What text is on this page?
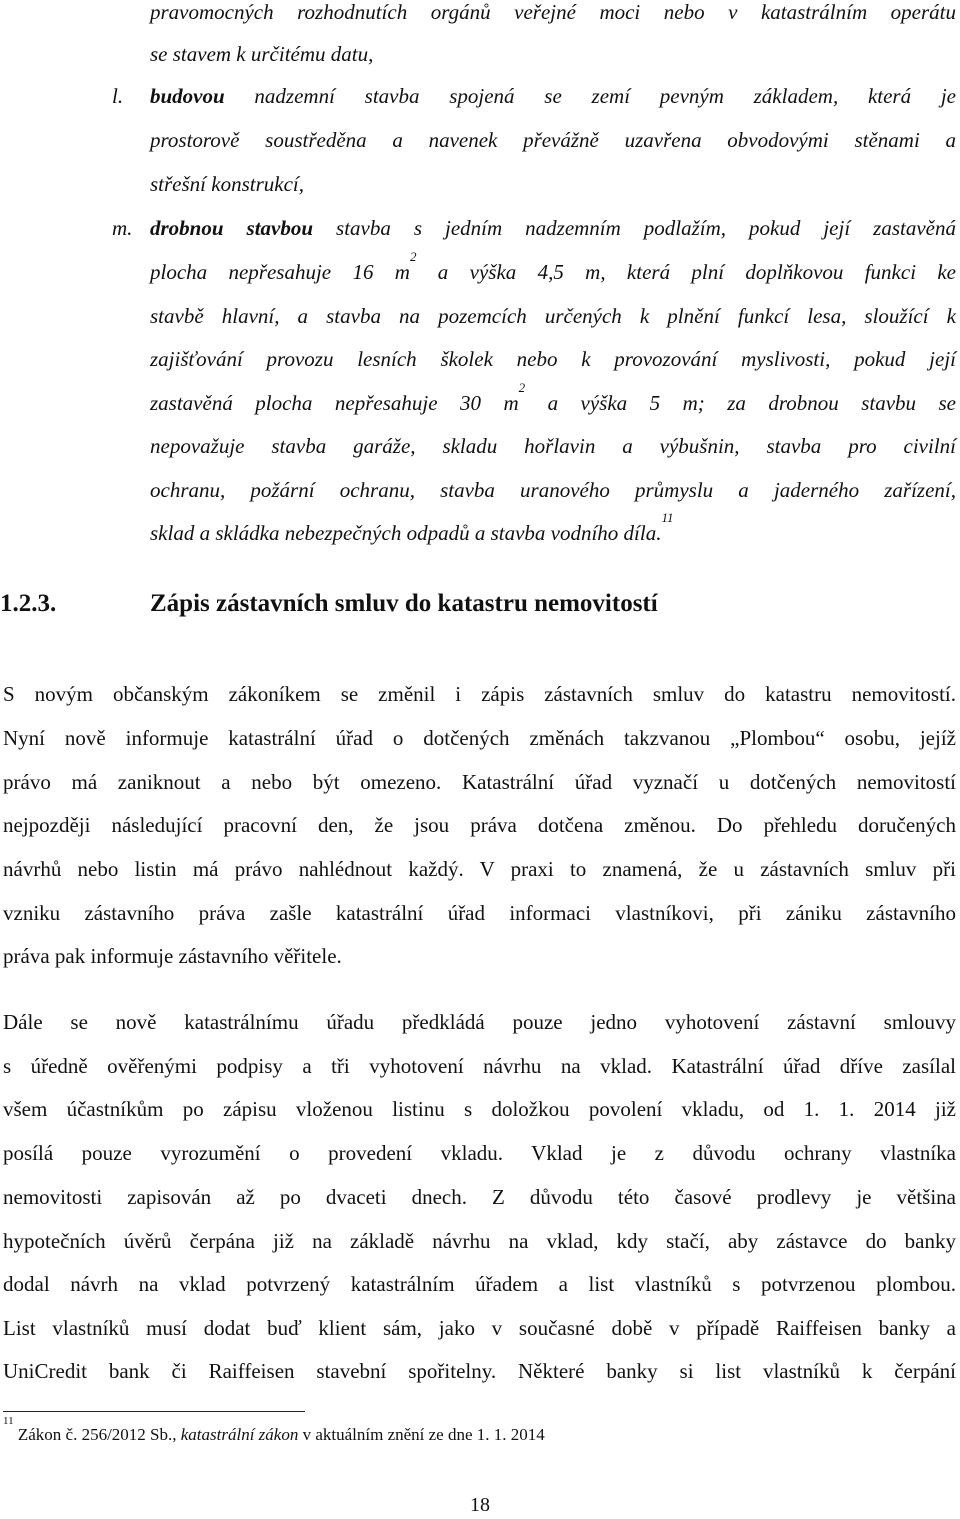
pravomocných rozhodnutích orgánů veřejné moci nebo v katastrálním operátu
se stavem k určitému datu,
l. budovou nadzemní stavba spojená se zemí pevným základem, která je
prostorově soustředěna a navenek převážně uzavřena obvodovými stěnami a
střešní konstrukcí,
m. drobnou stavbou stavba s jedním nadzemním podlažím, pokud její zastavěná
plocha nepřesahuje 16 $m^2$ a výška 4,5 m, která plní doplňkovou funkci ke
stavbě hlavní, a stavba na pozemcích určených k plnění funkcí lesa, sloužící k
zajišťování provozu lesních školek nebo k provozování myslivosti, pokud její
zastavěná plocha nepřesahuje 30 $m^2$ a výška 5 m; za drobnou stavbu se
nepovažuje stavba garáže, skladu hořlavin a výbušnin, stavba pro civilní
ochranu, požární ochranu, stavba uranového průmyslu a jaderného zařízení,
sklad a skládka nebezpečných odpadů a stavba vodního díla.$^{11}$
1.2.3.	Zápis zástavních smluv do katastru nemovitostí
S novým občanským zákoníkem se změnil i zápis zástavních smluv do katastru nemovitostí.
Nyní nově informuje katastrální úřad o dotčených změnách takzvanou „Plombou“ osobu, jejíž
právo má zaniknout a nebo být omezeno. Katastrální úřad vyznačí u dotčených nemovitostí
nejpozději následující pracovní den, že jsou práva dotčena změnou. Do přehledu doručených
návrhů nebo listin má právo nahlédnout každý. V praxi to znamená, že u zástavních smluv při
vzniku zástavního práva zašle katastrální úřad informaci vlastníkovi, při zániku zástavního
práva pak informuje zástavního věřitele.
Dále se nově katastrálnímu úřadu předkládá pouze jedno vyhotovení zástavní smlouvy
s úředně ověřenými podpisy a tři vyhotovení návrhu na vklad. Katastrální úřad dříve zasílal
všem účastníkům po zápisu vloženou listinu s doložkou povolení vkladu, od 1. 1. 2014 již
posílá pouze vyrozumění o provedení vkladu. Vklad je z důvodu ochrany vlastníka
nemovitosti zapisován až po dvaceti dnech. Z důvodu této časové prodlevy je většina
hypotečních úvěrů čerpána již na základě návrhu na vklad, kdy stačí, aby zástavce do banky
dodal návrh na vklad potvrzený katastrálním úřadem a list vlastníků s potvrzenou plombou.
List vlastníků musí dodat buď klient sám, jako v současné době v případě Raiffeisen banky a
UniCredit bank či Raiffeisen stavební spořitelny. Některé banky si list vlastníků k čerpání
$^{11}$ Zákon č. 256/2012 Sb., katastrální zákon v aktuálním znění ze dne 1. 1. 2014
18
